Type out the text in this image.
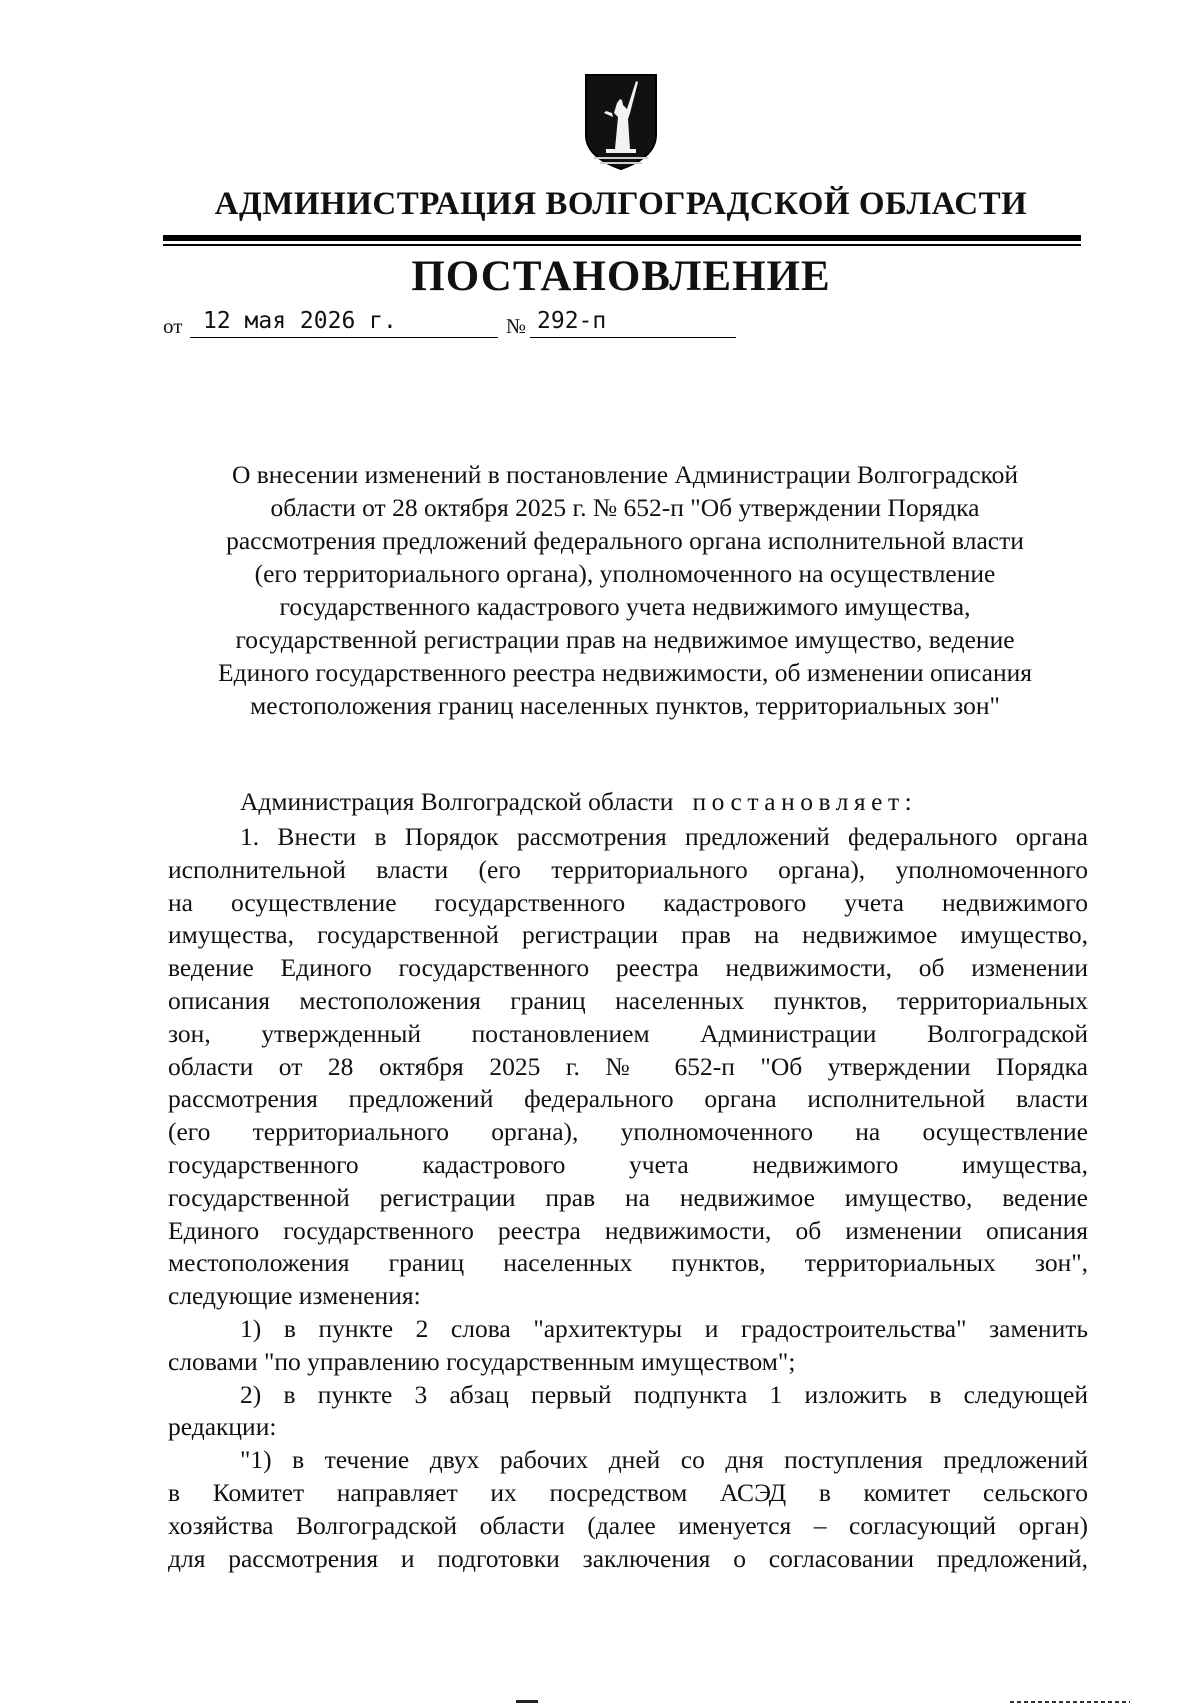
АДМИНИСТРАЦИЯ ВОЛГОГРАДСКОЙ ОБЛАСТИ
ПОСТАНОВЛЕНИЕ
от 12 мая 2026 г.	№ 292-п
О внесении изменений в постановление Администрации Волгоградской
области от 28 октября 2025 г. № 652-п "Об утверждении Порядка
рассмотрения предложений федерального органа исполнительной власти
(его территориального органа), уполномоченного на осуществление
государственного кадастрового учета недвижимого имущества,
государственной регистрации прав на недвижимое имущество, ведение
Единого государственного реестра недвижимости, об изменении описания
местоположения границ населенных пунктов, территориальных зон"
Администрация Волгоградской области постановляет:
1. Внести в Порядок рассмотрения предложений федерального органа
исполнительной власти (его территориального органа), уполномоченного
на осуществление государственного кадастрового учета недвижимого
имущества, государственной регистрации прав на недвижимое имущество,
ведение Единого государственного реестра недвижимости, об изменении
описания местоположения границ населенных пунктов, территориальных
зон, утвержденный постановлением Администрации Волгоградской
области от 28 октября 2025 г. № 652-п "Об утверждении Порядка
рассмотрения предложений федерального органа исполнительной власти
(его территориального органа), уполномоченного на осуществление
государственного кадастрового учета недвижимого имущества,
государственной регистрации прав на недвижимое имущество, ведение
Единого государственного реестра недвижимости, об изменении описания
местоположения границ населенных пунктов, территориальных зон",
следующие изменения:
1) в пункте 2 слова "архитектуры и градостроительства" заменить
словами "по управлению государственным имуществом";
2) в пункте 3 абзац первый подпункта 1 изложить в следующей
редакции:
"1) в течение двух рабочих дней со дня поступления предложений
в Комитет направляет их посредством АСЭД в комитет сельского
хозяйства Волгоградской области (далее именуется – согласующий орган)
для рассмотрения и подготовки заключения о согласовании предложений,
